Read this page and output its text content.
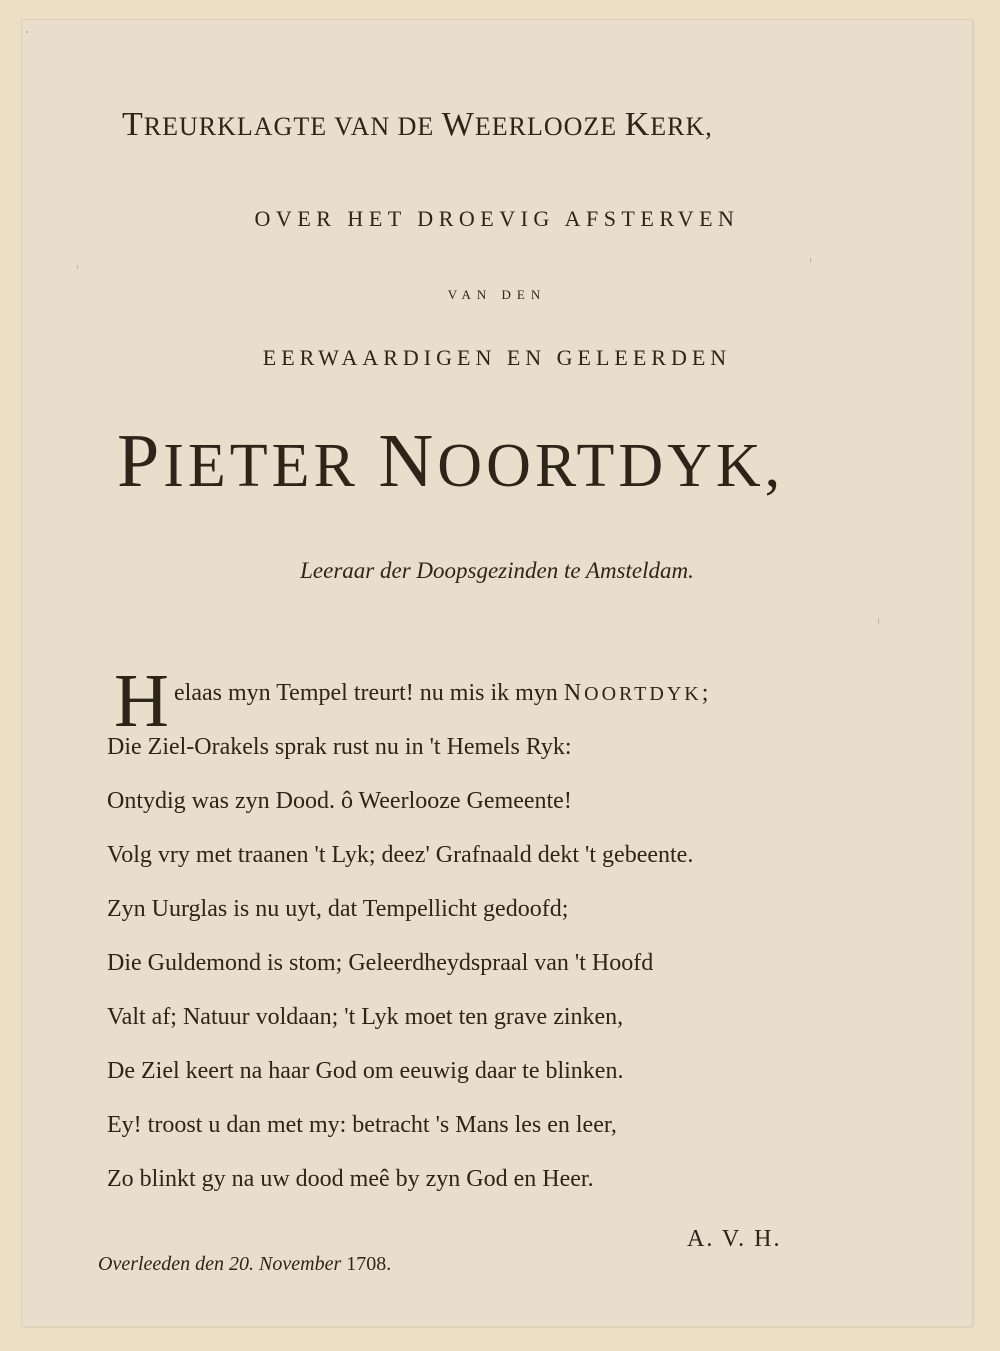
TREURKLAGTE VAN DE WEERLOOZE KERK,
OVER HET DROEVIG AFSTERVEN
VAN DEN
EERWAARDIGEN EN GELEERDEN
PIETER NOORTDYK,
Leeraar der Doopsgezinden te Amsteldam.
H elaas myn Tempel treurt! nu mis ik myn NOORTDYK;
Die Ziel-Orakels sprak rust nu in 't Hemels Ryk:
Ontydig was zyn Dood. ô Weerlooze Gemeente!
Volg vry met traanen 't Lyk; deez' Grafnaald dekt 't gebeente.
Zyn Uurglas is nu uyt, dat Tempellicht gedoofd;
Die Guldemond is stom; Geleerdheydspraal van 't Hoofd
Valt af; Natuur voldaan; 't Lyk moet ten grave zinken,
De Ziel keert na haar God om eeuwig daar te blinken.
Ey! troost u dan met my: betracht 's Mans les en leer,
Zo blinkt gy na uw dood meê by zyn God en Heer.
A. V. H.
Overleeden den 20. November 1708.
